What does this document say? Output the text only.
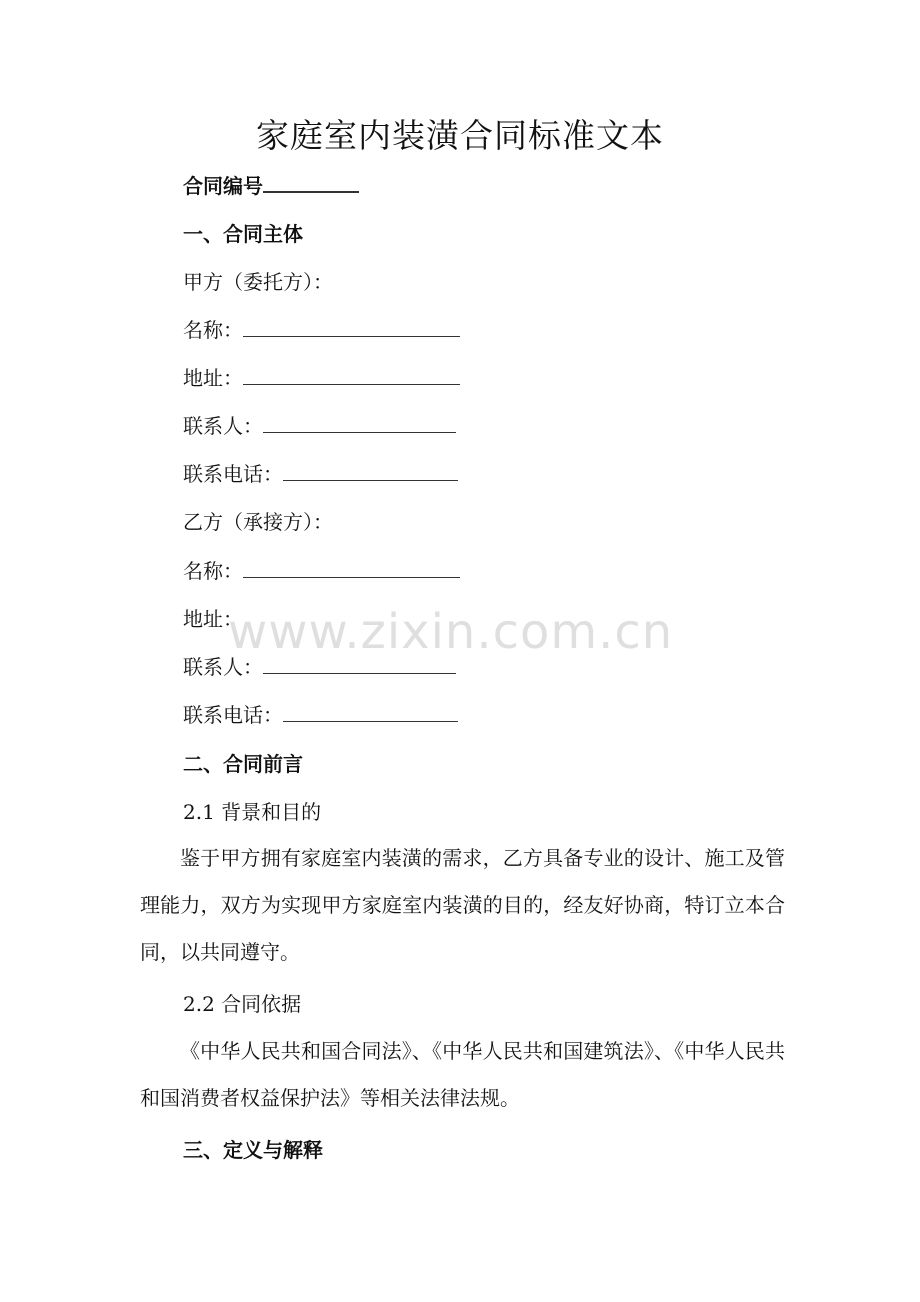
家庭室内装潢合同标准文本
合同编号
一、合同主体
甲方（委托方）：
名称：
地址：
联系人：
联系电话：
乙方（承接方）：
名称：
地址：
联系人：
联系电话：
二、合同前言
2.1 背景和目的
鉴于甲方拥有家庭室内装潢的需求，乙方具备专业的设计、施工及管理能力，双方为实现甲方家庭室内装潢的目的，经友好协商，特订立本合同，以共同遵守。
2.2 合同依据
《中华人民共和国合同法》、《中华人民共和国建筑法》、《中华人民共和国消费者权益保护法》等相关法律法规。
三、定义与解释
www.zixin.com.cn
